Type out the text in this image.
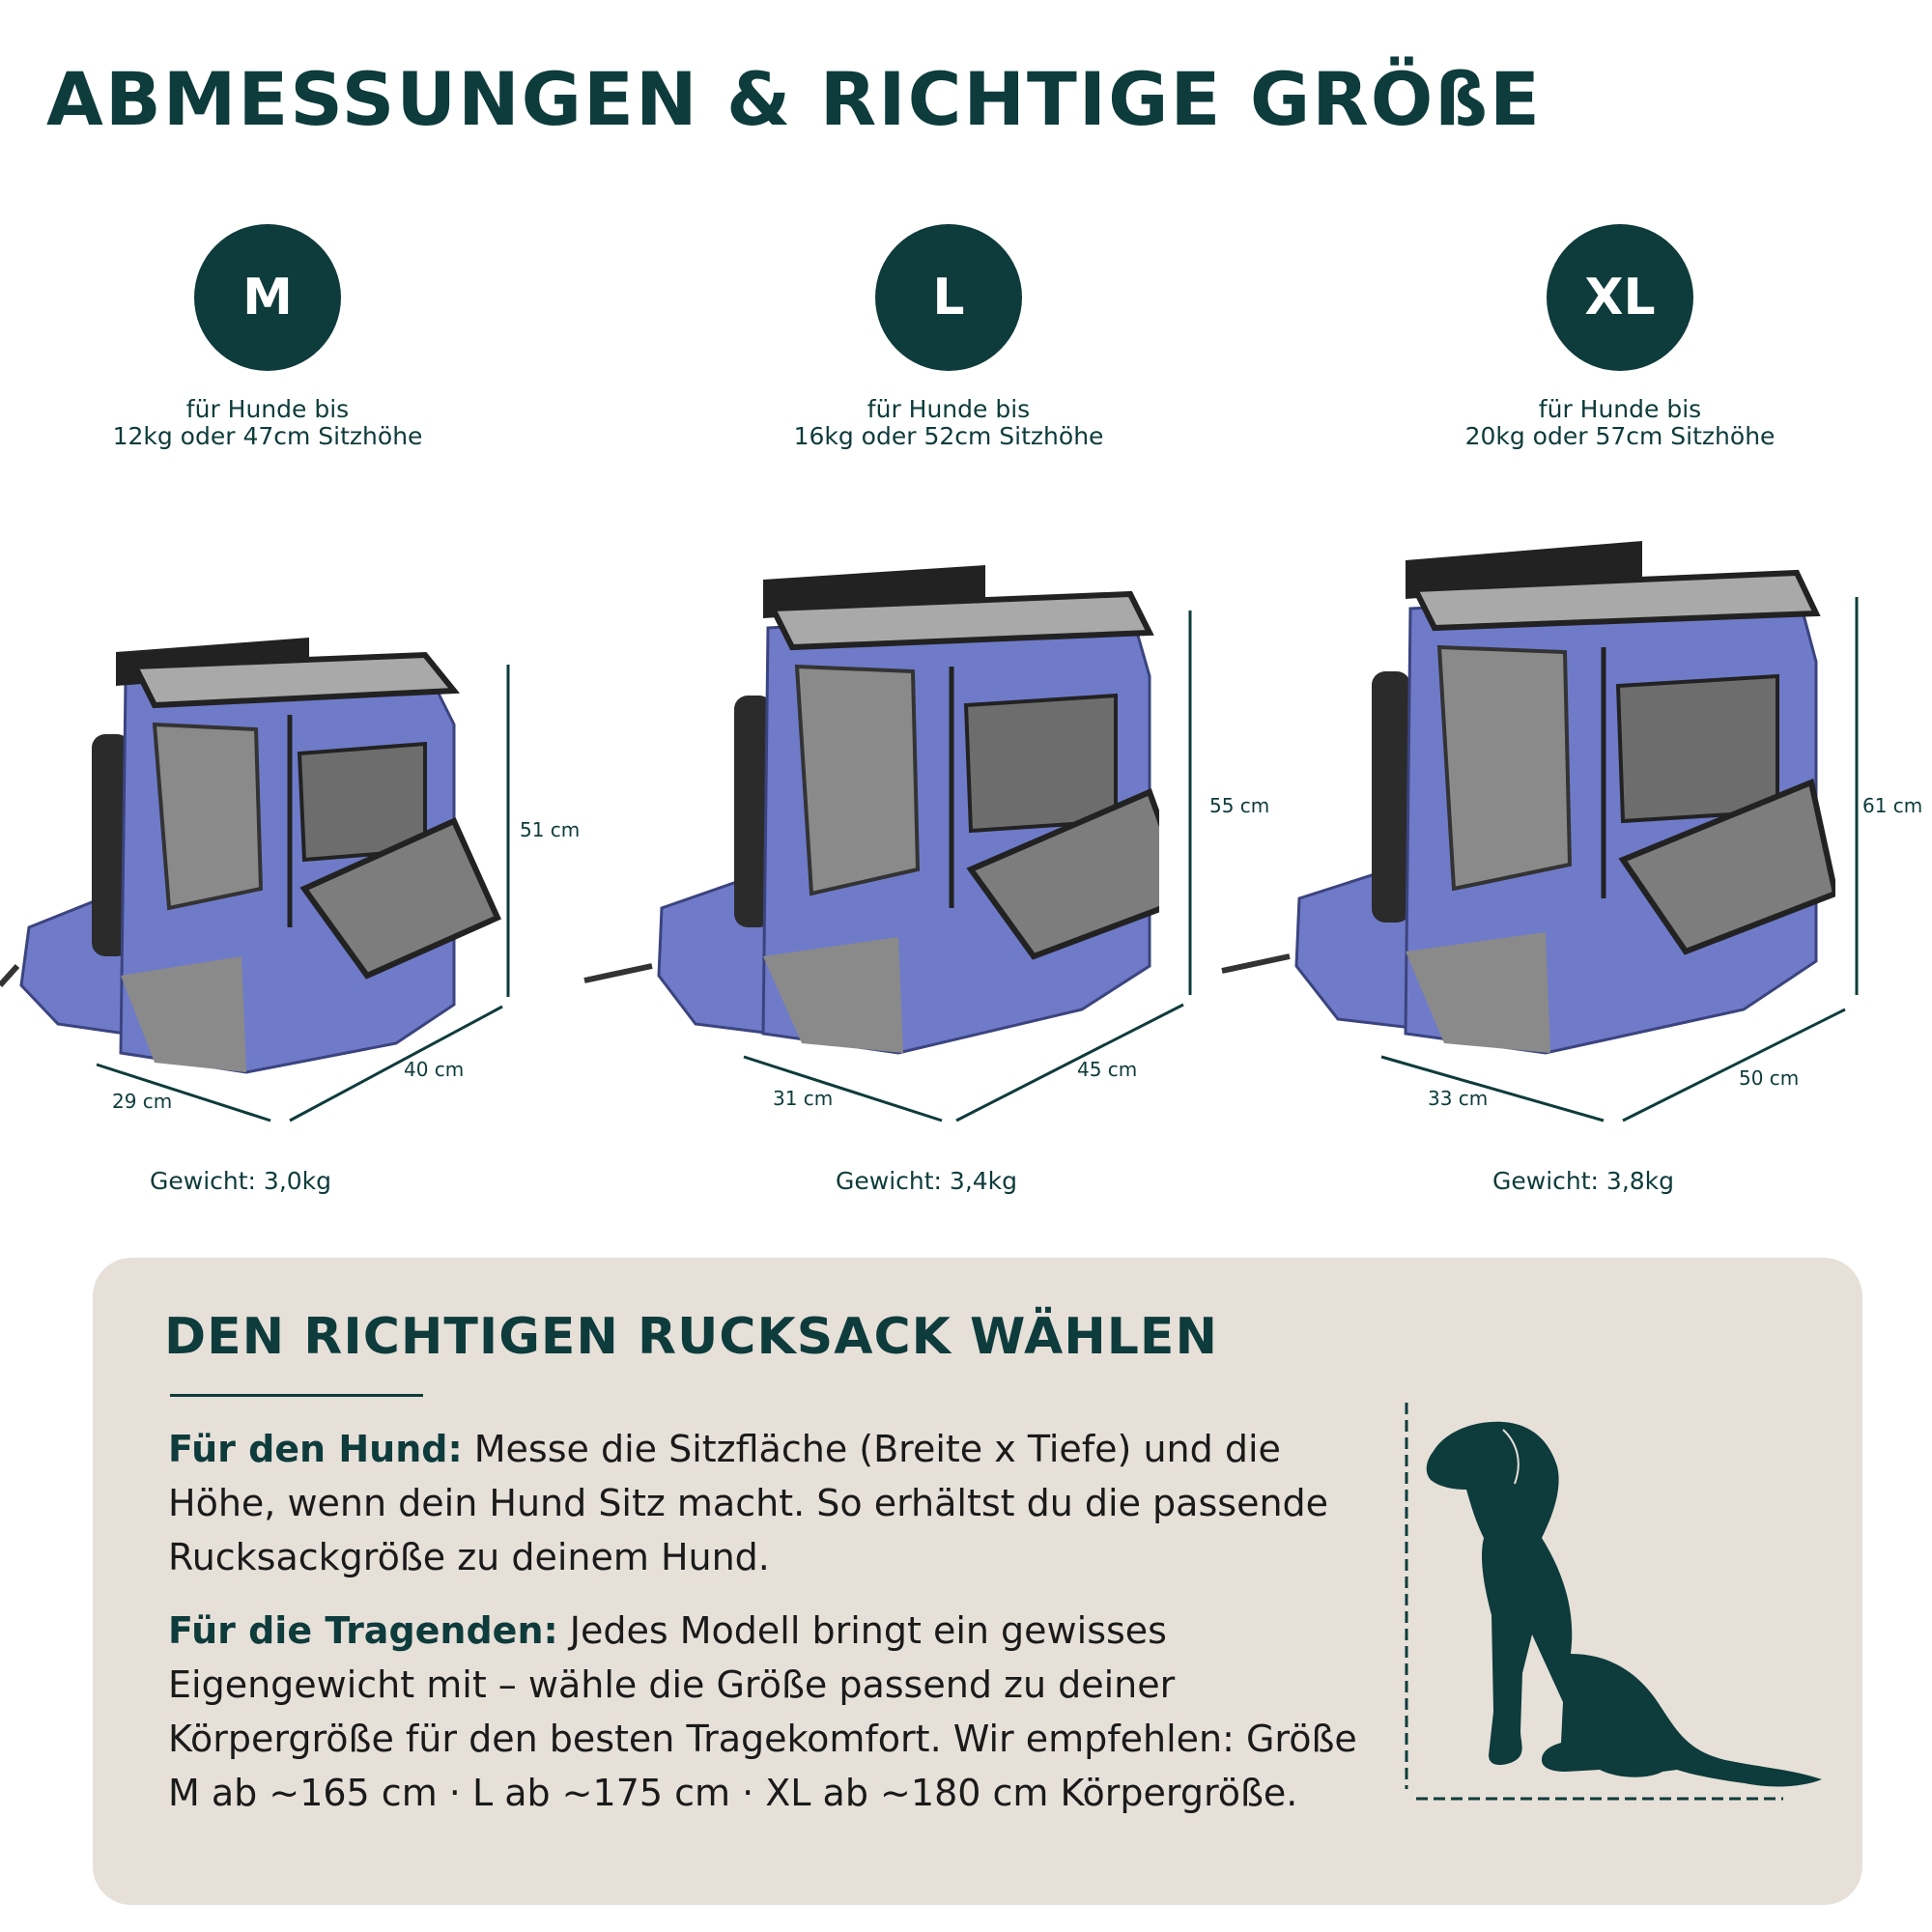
ABMESSUNGEN & RICHTIGE GRÖßE
M
für Hunde bis
12kg oder 47cm Sitzhöhe
L
für Hunde bis
16kg oder 52cm Sitzhöhe
XL
für Hunde bis
20kg oder 57cm Sitzhöhe
51 cm
40 cm
29 cm
55 cm
45 cm
31 cm
61 cm
50 cm
33 cm
Gewicht: 3,0kg	Gewicht: 3,4kg	Gewicht: 3,8kg
DEN RICHTIGEN RUCKSACK WÄHLEN

Für den Hund: Messe die Sitzfläche (Breite x Tiefe) und die Höhe, wenn dein Hund Sitz macht. So erhältst du die passende Rucksackgröße zu deinem Hund.

Für die Tragenden: Jedes Modell bringt ein gewisses Eigengewicht mit – wähle die Größe passend zu deiner Körpergröße für den besten Tragekomfort. Wir empfehlen: Größe M ab ~165 cm · L ab ~175 cm · XL ab ~180 cm Körpergröße.
